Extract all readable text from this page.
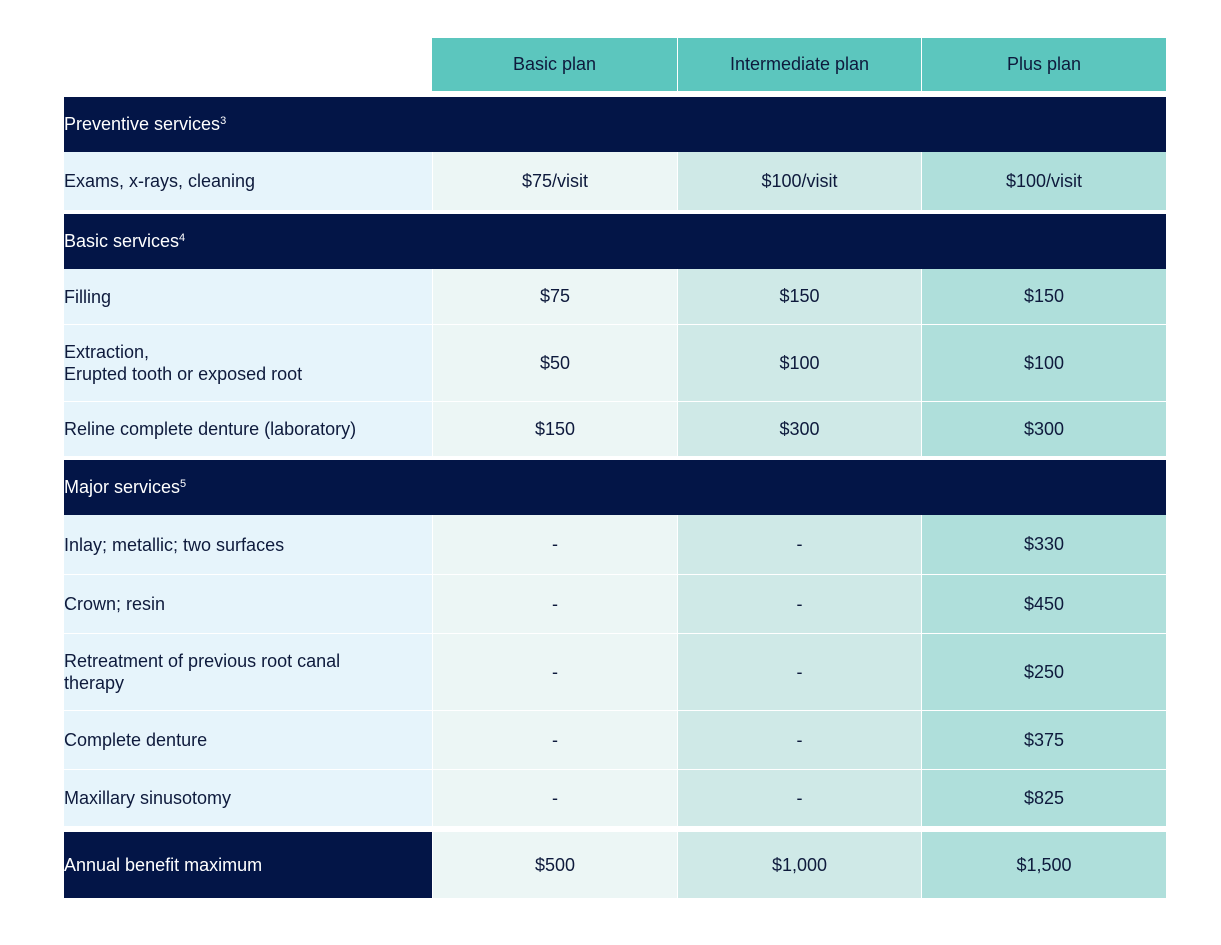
	Basic plan	Intermediate plan	Plus plan

Preventive services$^3$

Exams, x-rays, cleaning	$75/visit	$100/visit	$100/visit

Basic services$^4$

Filling	$75	$150	$150

Extraction,
Erupted tooth or exposed root	$50	$100	$100

Reline complete denture (laboratory)	$150	$300	$300

Major services$^5$

Inlay; metallic; two surfaces	-	-	$330

Crown; resin	-	-	$450

Retreatment of previous root canal
therapy	-	-	$250

Complete denture	-	-	$375

Maxillary sinusotomy	-	-	$825

Annual benefit maximum	$500	$1,000	$1,500
